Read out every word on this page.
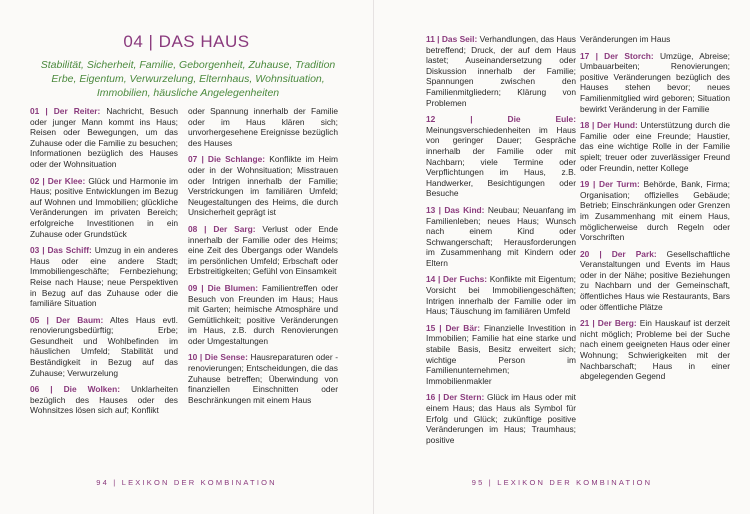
04 | DAS HAUS
Stabilität, Sicherheit, Familie, Geborgenheit, Zuhause, Tradition Erbe, Eigentum, Verwurzelung, Elternhaus, Wohnsituation, Immobilien, häusliche Angelegenheiten

01 | Der Reiter: Nachricht, Besuch oder junger Mann kommt ins Haus; Reisen oder Bewegungen, um das Zuhause oder die Familie zu besuchen; Informationen bezüglich des Hauses oder der Wohnsituation

02 | Der Klee: Glück und Harmonie im Haus; positive Entwicklungen im Bezug auf Wohnen und Immobilien; glückliche Veränderungen im privaten Bereich; erfolgreiche Investitionen in ein Zuhause oder Grundstück

03 | Das Schiff: Umzug in ein anderes Haus oder eine andere Stadt; Immobiliengeschäfte; Fernbeziehung; Reise nach Hause; neue Perspektiven in Bezug auf das Zuhause oder die familiäre Situation

05 | Der Baum: Altes Haus evtl. renovierungsbedürftig; Erbe; Gesundheit und Wohlbefinden im häuslichen Umfeld; Stabilität und Beständigkeit in Bezug auf das Zuhause; Verwurzelung

06 | Die Wolken: Unklarheiten bezüglich des Hauses oder des Wohnsitzes lösen sich auf; Konflikt

oder Spannung innerhalb der Familie oder im Haus klären sich; unvorhergesehene Ereignisse bezüglich des Hauses

07 | Die Schlange: Konflikte im Heim oder in der Wohnsituation; Misstrauen oder Intrigen innerhalb der Familie; Verstrickungen im familiären Umfeld; Neugestaltungen des Heims, die durch Unsicherheit geprägt ist

08 | Der Sarg: Verlust oder Ende innerhalb der Familie oder des Heims; eine Zeit des Übergangs oder Wandels im persönlichen Umfeld; Erbschaft oder Erbstreitigkeiten; Gefühl von Einsamkeit

09 | Die Blumen: Familientreffen oder Besuch von Freunden im Haus; Haus mit Garten; heimische Atmosphäre und Gemütlichkeit; positive Veränderungen im Haus, z.B. durch Renovierungen oder Umgestaltungen

10 | Die Sense: Hausreparaturen oder -renovierungen; Entscheidungen, die das Zuhause betreffen; Überwindung von finanziellen Einschnitten oder Beschränkungen mit einem Haus

94 | LEXIKON DER KOMBINATION

11 | Das Seil: Verhandlungen, das Haus betreffend; Druck, der auf dem Haus lastet; Auseinandersetzung oder Diskussion innerhalb der Familie; Spannungen zwischen den Familienmitgliedern; Klärung von Problemen

12 | Die Eule: Meinungsverschiedenheiten im Haus von geringer Dauer; Gespräche innerhalb der Familie oder mit Nachbarn; viele Termine oder Verpflichtungen im Haus, z.B. Handwerker, Besichtigungen oder Besuche

13 | Das Kind: Neubau; Neuanfang im Familienleben; neues Haus; Wunsch nach einem Kind oder Schwangerschaft; Herausforderungen im Zusammenhang mit Kindern oder Eltern

14 | Der Fuchs: Konflikte mit Eigentum; Vorsicht bei Immobiliengeschäften; Intrigen innerhalb der Familie oder im Haus; Täuschung im familiären Umfeld

15 | Der Bär: Finanzielle Investition in Immobilien; Familie hat eine starke und stabile Basis, Besitz erweitert sich; wichtige Person im Familienunternehmen; Immobilienmakler

16 | Der Stern: Glück im Haus oder mit einem Haus; das Haus als Symbol für Erfolg und Glück; zukünftige positive Veränderungen im Haus; Traumhaus; positive

Veränderungen im Haus

17 | Der Storch: Umzüge, Abreise; Umbauarbeiten; Renovierungen; positive Veränderungen bezüglich des Hauses stehen bevor; neues Familienmitglied wird geboren; Situation bewirkt Veränderung in der Familie

18 | Der Hund: Unterstützung durch die Familie oder eine Freunde; Haustier, das eine wichtige Rolle in der Familie spielt; treuer oder zuverlässiger Freund oder Freundin, netter Kollege

19 | Der Turm: Behörde, Bank, Firma; Organisation; offizielles Gebäude; Betrieb; Einschränkungen oder Grenzen im Zusammenhang mit einem Haus, möglicherweise durch Regeln oder Vorschriften

20 | Der Park: Gesellschaftliche Veranstaltungen und Events im Haus oder in der Nähe; positive Beziehungen zu Nachbarn und der Gemeinschaft, öffentliches Haus wie Restaurants, Bars oder öffentliche Plätze

21 | Der Berg: Ein Hauskauf ist derzeit nicht möglich; Probleme bei der Suche nach einem geeigneten Haus oder einer Wohnung; Schwierigkeiten mit der Nachbarschaft; Haus in einer abgelegenden Gegend

95 | LEXIKON DER KOMBINATION
